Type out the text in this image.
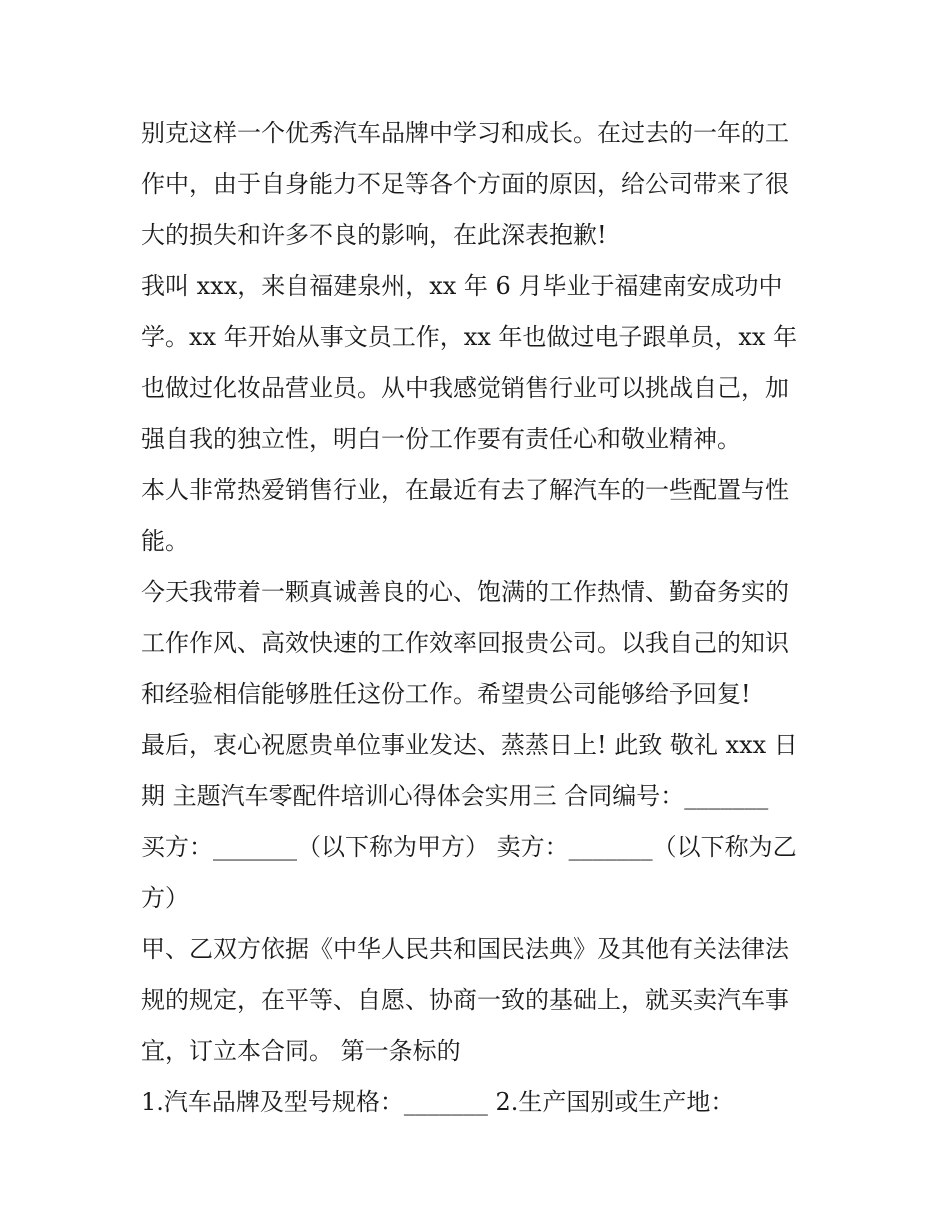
别克这样一个优秀汽车品牌中学习和成长。在过去的一年的工
作中，由于自身能力不足等各个方面的原因，给公司带来了很
大的损失和许多不良的影响，在此深表抱歉!
我叫 xxx，来自福建泉州，xx 年 6 月毕业于福建南安成功中
学。xx 年开始从事文员工作，xx 年也做过电子跟单员，xx 年
也做过化妆品营业员。从中我感觉销售行业可以挑战自己，加
强自我的独立性，明白一份工作要有责任心和敬业精神。
本人非常热爱销售行业，在最近有去了解汽车的一些配置与性
能。
今天我带着一颗真诚善良的心、饱满的工作热情、勤奋务实的
工作作风、高效快速的工作效率回报贵公司。以我自己的知识
和经验相信能够胜任这份工作。希望贵公司能够给予回复!
最后，衷心祝愿贵单位事业发达、蒸蒸日上! 此致 敬礼 xxx 日
期 主题汽车零配件培训心得体会实用三 合同编号：_______
买方：_______（以下称为甲方） 卖方：_______（以下称为乙
方）
甲、乙双方依据《中华人民共和国民法典》及其他有关法律法
规的规定，在平等、自愿、协商一致的基础上，就买卖汽车事
宜，订立本合同。 第一条标的
1.汽车品牌及型号规格：_______ 2.生产国别或生产地：
